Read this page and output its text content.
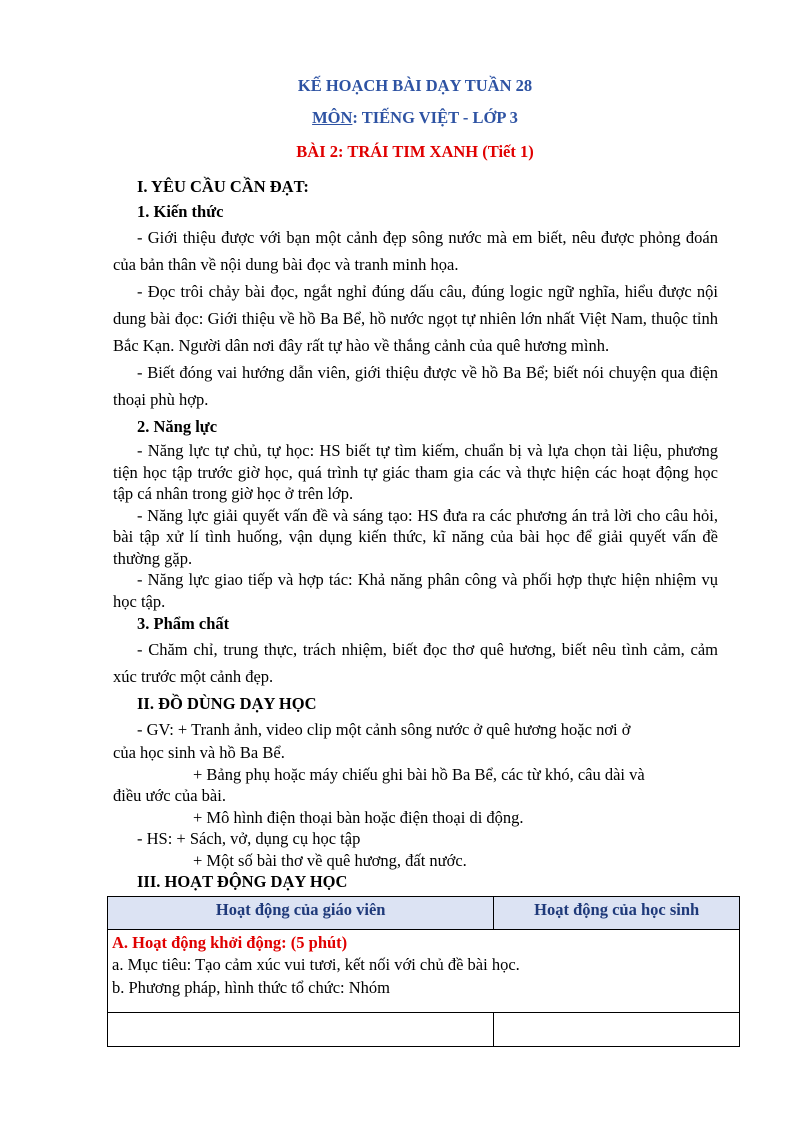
KẾ HOẠCH BÀI DẠY TUẦN 28
MÔN: TIẾNG VIỆT - LỚP 3
BÀI 2: TRÁI TIM XANH (Tiết 1)

I. YÊU CẦU CẦN ĐẠT:

1. Kiến thức

- Giới thiệu được với bạn một cảnh đẹp sông nước mà em biết, nêu được phỏng đoán của bản thân về nội dung bài đọc và tranh minh họa.

- Đọc trôi chảy bài đọc, ngắt nghỉ đúng dấu câu, đúng logic ngữ nghĩa, hiểu được nội dung bài đọc: Giới thiệu về hồ Ba Bể, hồ nước ngọt tự nhiên lớn nhất Việt Nam, thuộc tỉnh Bắc Kạn. Người dân nơi đây rất tự hào về thắng cảnh của quê hương mình.

- Biết đóng vai hướng dẫn viên, giới thiệu được về hồ Ba Bể; biết nói chuyện qua điện thoại phù hợp.

2. Năng lực

- Năng lực tự chủ, tự học: HS biết tự tìm kiếm, chuẩn bị và lựa chọn tài liệu, phương tiện học tập trước giờ học, quá trình tự giác tham gia các và thực hiện các hoạt động học tập cá nhân trong giờ học ở trên lớp.

- Năng lực giải quyết vấn đề và sáng tạo: HS đưa ra các phương án trả lời cho câu hỏi, bài tập xử lí tình huống, vận dụng kiến thức, kĩ năng của bài học để giải quyết vấn đề thường gặp.

- Năng lực giao tiếp và hợp tác: Khả năng phân công và phối hợp thực hiện nhiệm vụ học tập.

3. Phẩm chất

- Chăm chỉ, trung thực, trách nhiệm, biết đọc thơ quê hương, biết nêu tình cảm, cảm xúc trước một cảnh đẹp.

II. ĐỒ DÙNG DẠY HỌC

- GV: + Tranh ảnh, video clip một cảnh sông nước ở quê hương hoặc nơi ở

của học sinh và hồ Ba Bể.

+ Bảng phụ hoặc máy chiếu ghi bài hồ Ba Bể, các từ khó, câu dài và

điều ước của bài.

+ Mô hình điện thoại bàn hoặc điện thoại di động.

- HS: + Sách, vở, dụng cụ học tập

+ Một số bài thơ về quê hương, đất nước.

III. HOẠT ĐỘNG DẠY HỌC

Hoạt động của giáo viên	Hoạt động của học sinh

A. Hoạt động khởi động: (5 phút)
a. Mục tiêu: Tạo cảm xúc vui tươi, kết nối với chủ đề bài học.
b. Phương pháp, hình thức tổ chức: Nhóm	
